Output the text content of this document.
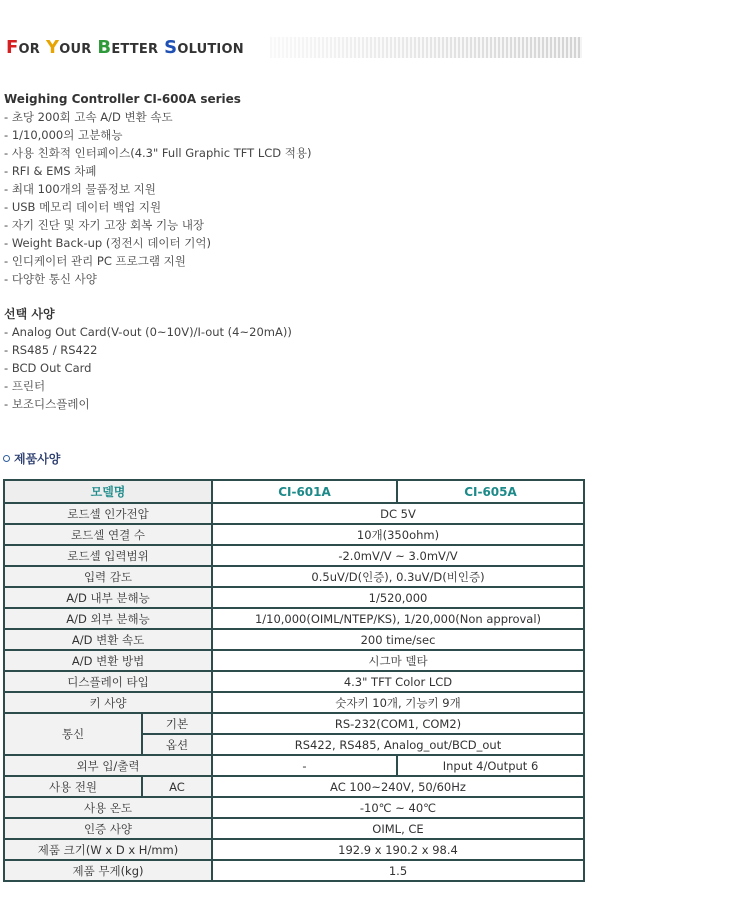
FOR YOUR BETTER SOLUTION
Weighing Controller CI-600A series
- 초당 200회 고속 A/D 변환 속도
- 1/10,000의 고분해능
- 사용 친화적 인터페이스(4.3" Full Graphic TFT LCD 적용)
- RFI & EMS 차폐
- 최대 100개의 물품정보 지원
- USB 메모리 데이터 백업 지원
- 자기 진단 및 자기 고장 회복 기능 내장
- Weight Back-up (정전시 데이터 기억)
- 인디케이터 관리 PC 프로그램 지원
- 다양한 통신 사양
선택 사양
- Analog Out Card(V-out (0~10V)/I-out (4~20mA))
- RS485 / RS422
- BCD Out Card
- 프린터
- 보조디스플레이
제품사양
모델명		CI-601A	CI-605A
로드셀 인가전압		DC 5V	
로드셀 연결 수		10개(350ohm)	
로드셀 입력범위		-2.0mV/V ~ 3.0mV/V	
입력 감도		0.5uV/D(인증), 0.3uV/D(비인증)	
A/D 내부 분해능		1/520,000	
A/D 외부 분해능		1/10,000(OIML/NTEP/KS), 1/20,000(Non approval)	
A/D 변환 속도		200 time/sec	
A/D 변환 방법		시그마 델타	
디스플레이 타입		4.3" TFT Color LCD	
키 사양		숫자키 10개, 기능키 9개	
통신	기본	RS-232(COM1, COM2)	
	옵션	RS422, RS485, Analog_out/BCD_out	
외부 입/출력		-	Input 4/Output 6
사용 전원	AC	AC 100~240V, 50/60Hz	
사용 온도		-10℃ ~ 40℃	
인증 사양		OIML, CE	
제품 크기(W x D x H/mm)		192.9 x 190.2 x 98.4	
제품 무게(kg)		1.5	
